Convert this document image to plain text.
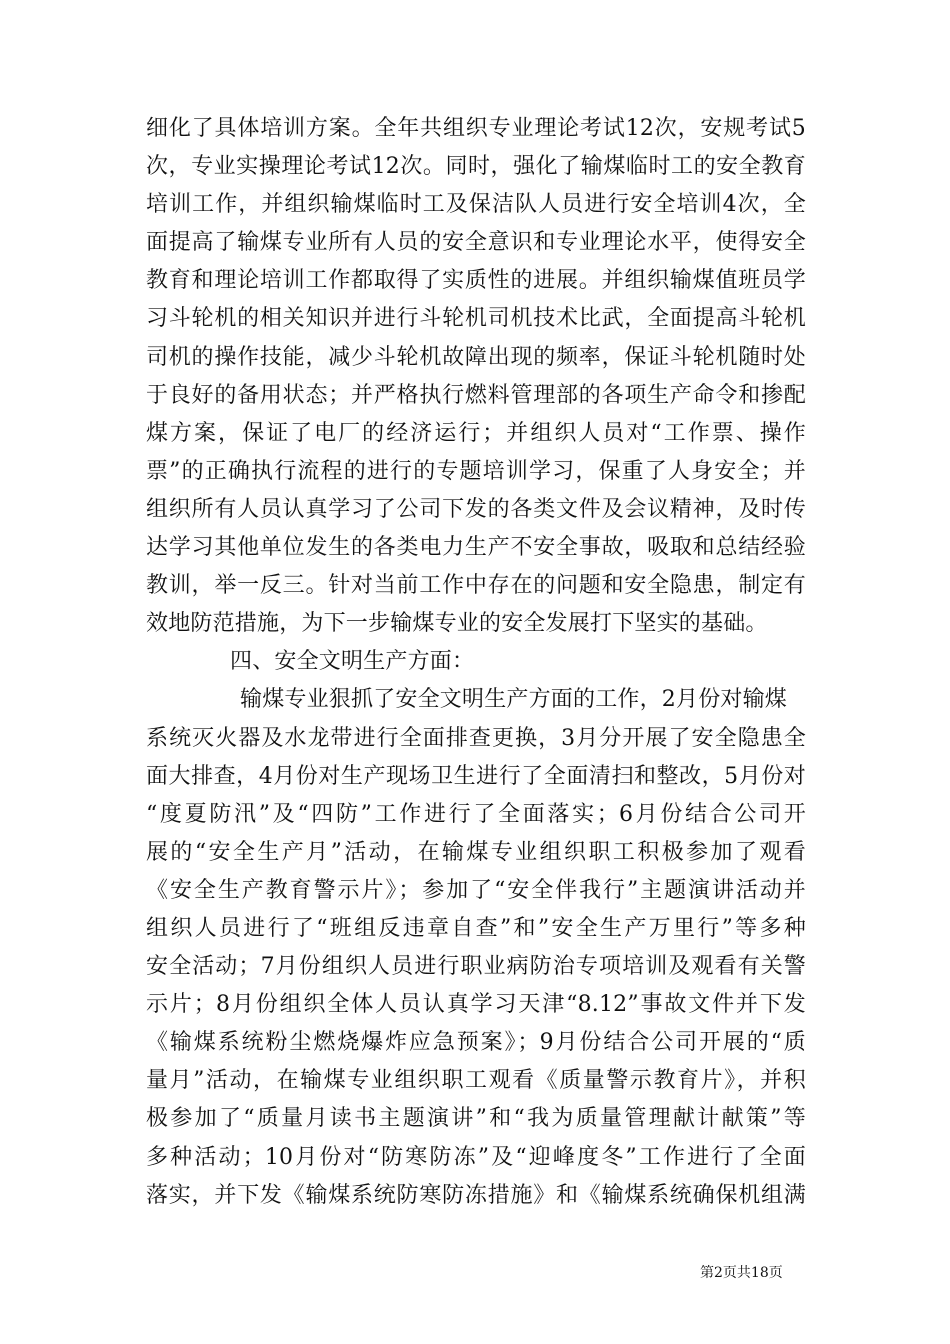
细化了具体培训方案。全年共组织专业理论考试12次，安规考试5
次，专业实操理论考试12次。同时，强化了输煤临时工的安全教育
培训工作，并组织输煤临时工及保洁队人员进行安全培训4次，全
面提高了输煤专业所有人员的安全意识和专业理论水平，使得安全
教育和理论培训工作都取得了实质性的进展。并组织输煤值班员学
习斗轮机的相关知识并进行斗轮机司机技术比武，全面提高斗轮机
司机的操作技能，减少斗轮机故障出现的频率，保证斗轮机随时处
于良好的备用状态；并严格执行燃料管理部的各项生产命令和掺配
煤方案，保证了电厂的经济运行；并组织人员对“工作票、操作
票”的正确执行流程的进行的专题培训学习，保重了人身安全；并
组织所有人员认真学习了公司下发的各类文件及会议精神，及时传
达学习其他单位发生的各类电力生产不安全事故，吸取和总结经验
教训，举一反三。针对当前工作中存在的问题和安全隐患，制定有
效地防范措施，为下一步输煤专业的安全发展打下坚实的基础。
四、安全文明生产方面：
输煤专业狠抓了安全文明生产方面的工作，2月份对输煤
系统灭火器及水龙带进行全面排查更换，3月分开展了安全隐患全
面大排查，4月份对生产现场卫生进行了全面清扫和整改，5月份对
“度夏防汛”及“四防”工作进行了全面落实；6月份结合公司开
展的“安全生产月”活动，在输煤专业组织职工积极参加了观看
《安全生产教育警示片》；参加了“安全伴我行”主题演讲活动并
组织人员进行了“班组反违章自查”和”安全生产万里行”等多种
安全活动；7月份组织人员进行职业病防治专项培训及观看有关警
示片；8月份组织全体人员认真学习天津“8.12”事故文件并下发
《输煤系统粉尘燃烧爆炸应急预案》；9月份结合公司开展的“质
量月”活动，在输煤专业组织职工观看《质量警示教育片》，并积
极参加了“质量月读书主题演讲”和“我为质量管理献计献策”等
多种活动；10月份对“防寒防冻”及“迎峰度冬”工作进行了全面
落实，并下发《输煤系统防寒防冻措施》和《输煤系统确保机组满
第2页共18页
